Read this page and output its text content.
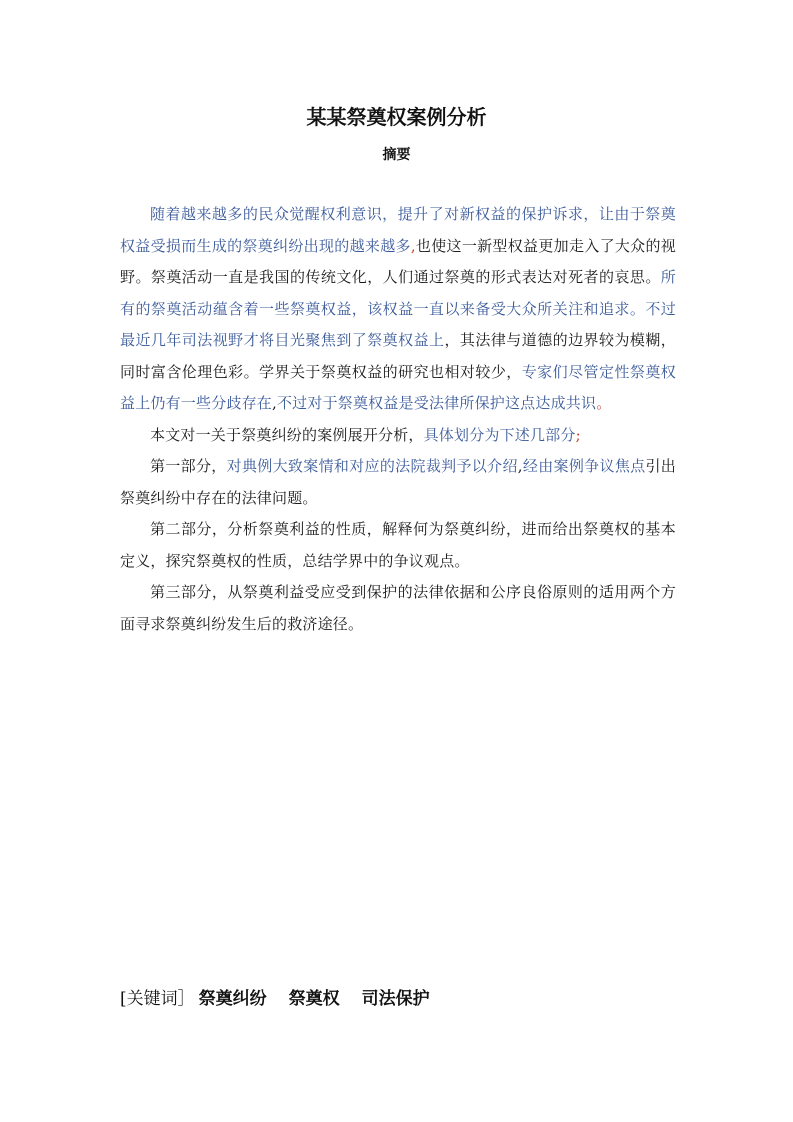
某某祭奠权案例分析
摘要

随着越来越多的民众觉醒权利意识，提升了对新权益的保护诉求，让由于祭奠权益受损而生成的祭奠纠纷出现的越来越多,也使这一新型权益更加走入了大众的视野。祭奠活动一直是我国的传统文化，人们通过祭奠的形式表达对死者的哀思。所有的祭奠活动蕴含着一些祭奠权益，该权益一直以来备受大众所关注和追求。不过最近几年司法视野才将目光聚焦到了祭奠权益上，其法律与道德的边界较为模糊，同时富含伦理色彩。学界关于祭奠权益的研究也相对较少，专家们尽管定性祭奠权益上仍有一些分歧存在,不过对于祭奠权益是受法律所保护这点达成共识。

本文对一关于祭奠纠纷的案例展开分析，具体划分为下述几部分;

第一部分，对典例大致案情和对应的法院裁判予以介绍,经由案例争议焦点引出祭奠纠纷中存在的法律问题。

第二部分，分析祭奠利益的性质，解释何为祭奠纠纷，进而给出祭奠权的基本定义，探究祭奠权的性质，总结学界中的争议观点。

第三部分，从祭奠利益受应受到保护的法律依据和公序良俗原则的适用两个方面寻求祭奠纠纷发生后的救济途径。

[关键词］ 祭奠纠纷 祭奠权 司法保护
